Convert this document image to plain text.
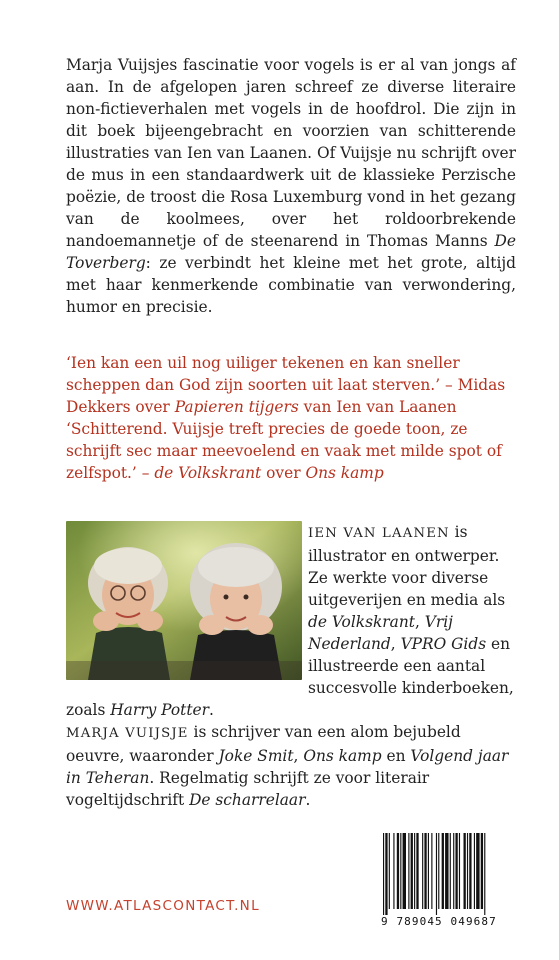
Marja Vuijsjes fascinatie voor vogels is er al van jongs af aan. In de afgelopen jaren schreef ze diverse literaire non-fictieverhalen met vogels in de hoofdrol. Die zijn in dit boek bijeengebracht en voorzien van schitterende illustraties van Ien van Laanen. Of Vuijsje nu schrijft over de mus in een standaardwerk uit de klassieke Perzische poëzie, de troost die Rosa Luxemburg vond in het gezang van de koolmees, over het roldoorbrekende nandoemannetje of de steenarend in Thomas Manns De Toverberg: ze verbindt het kleine met het grote, altijd met haar kenmerkende combinatie van verwondering, humor en precisie.

‘Ien kan een uil nog uiliger tekenen en kan sneller scheppen dan God zijn soorten uit laat sterven.’ – Midas Dekkers over Papieren tijgers van Ien van Laanen

‘Schitterend. Vuijsje treft precies de goede toon, ze schrijft sec maar meevoelend en vaak met milde spot of zelfspot.’ – de Volkskrant over Ons kamp

IEN VAN LAANEN is illustrator en ontwerper. Ze werkte voor diverse uitgeverijen en media als de Volkskrant, Vrij Nederland, VPRO Gids en illustreerde een aantal succesvolle kinderboeken, zoals Harry Potter.
MARJA VUIJSJE is schrijver van een alom bejubeld oeuvre, waaronder Joke Smit, Ons kamp en Volgend jaar in Teheran. Regelmatig schrijft ze voor literair vogeltijdschrift De scharrelaar.
WWW.ATLASCONTACT.NL
9 789045 049687
